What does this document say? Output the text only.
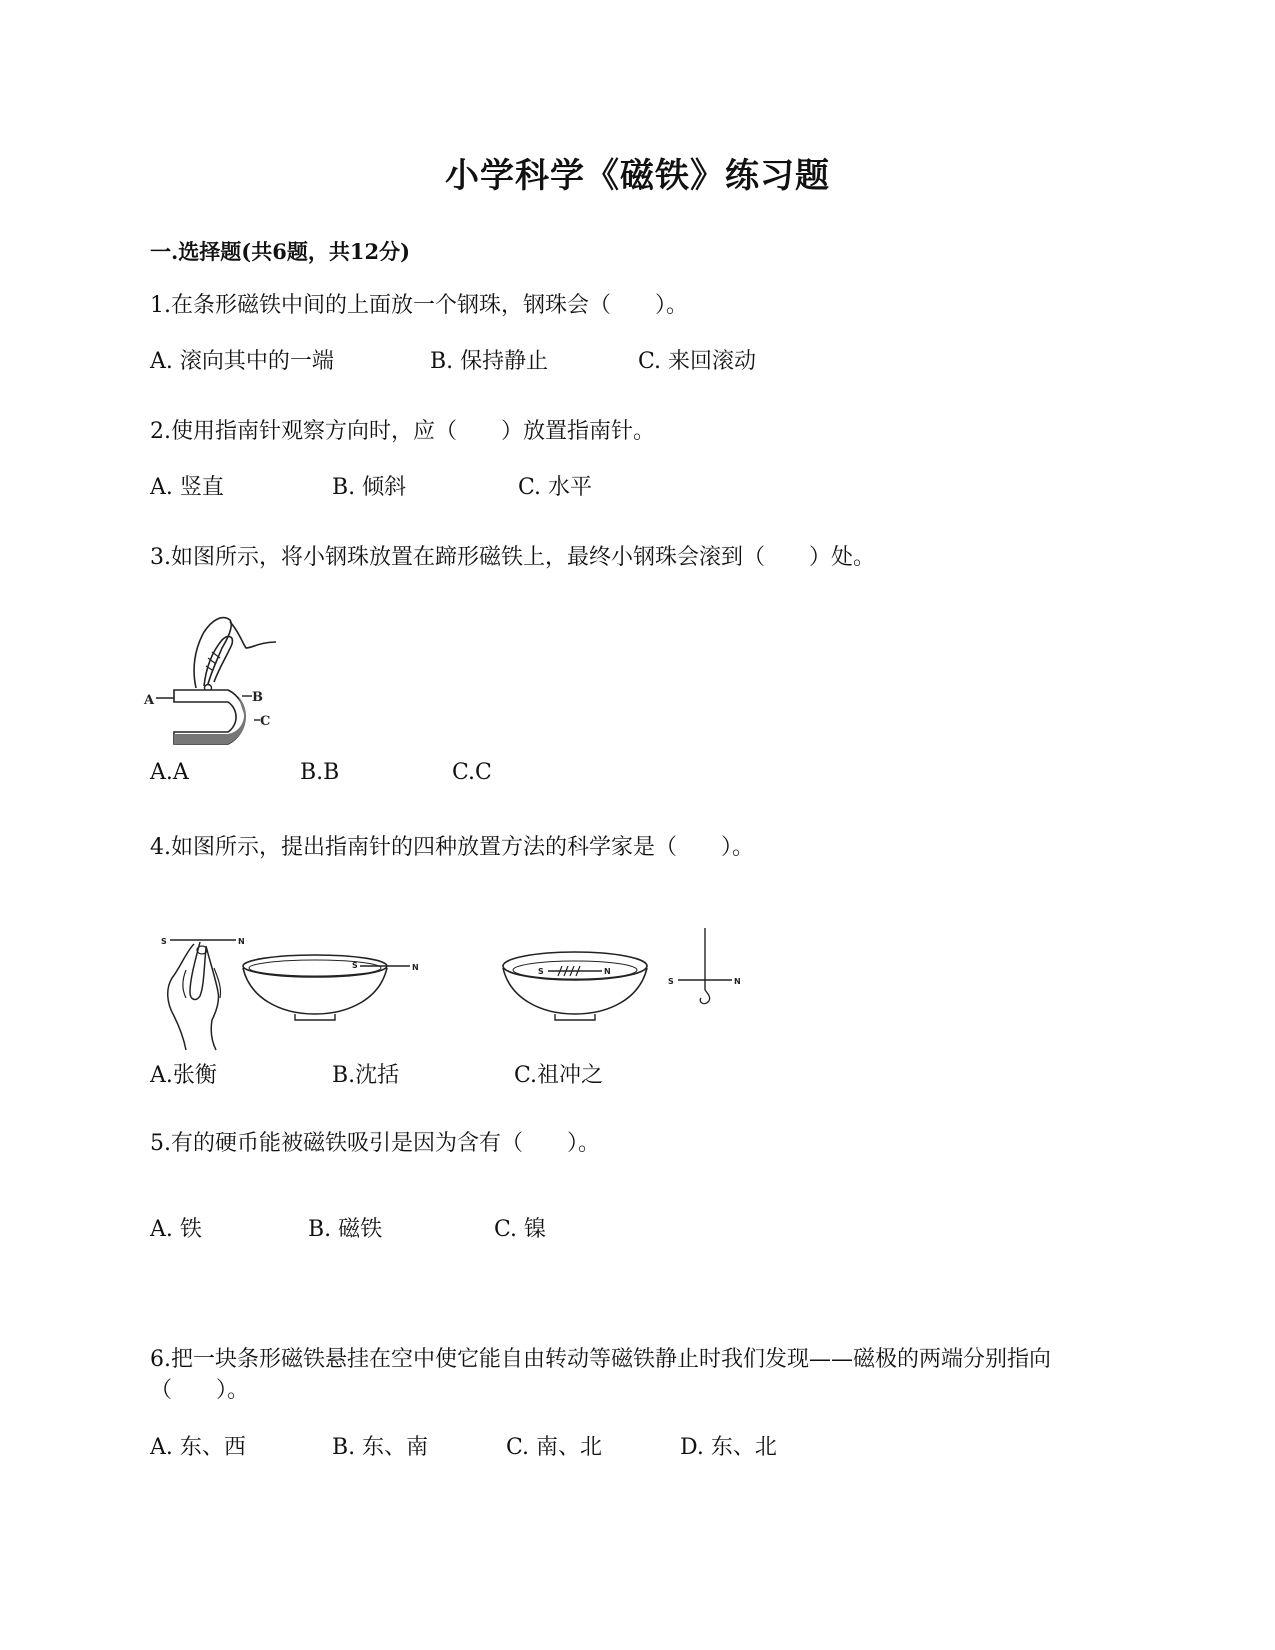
小学科学《磁铁》练习题
一.选择题(共6题，共12分)
1.在条形磁铁中间的上面放一个钢珠，钢珠会（　　）。
A. 滚向其中的一端	B. 保持静止	C. 来回滚动
2.使用指南针观察方向时，应（　　）放置指南针。
A. 竖直	B. 倾斜	C. 水平
3.如图所示，将小钢珠放置在蹄形磁铁上，最终小钢珠会滚到（　　）处。
A	B
C
A.A	B.B	C.C
4.如图所示，提出指南针的四种放置方法的科学家是（　　）。
S	N
S	N	S	N
S	N
A.张衡	B.沈括	C.祖冲之
5.有的硬币能被磁铁吸引是因为含有（　　）。
A. 铁	B. 磁铁	C. 镍
6.把一块条形磁铁悬挂在空中使它能自由转动等磁铁静止时我们发现——磁极的两端分别指向（　　）。
A. 东、西	B. 东、南	C. 南、北	D. 东、北
